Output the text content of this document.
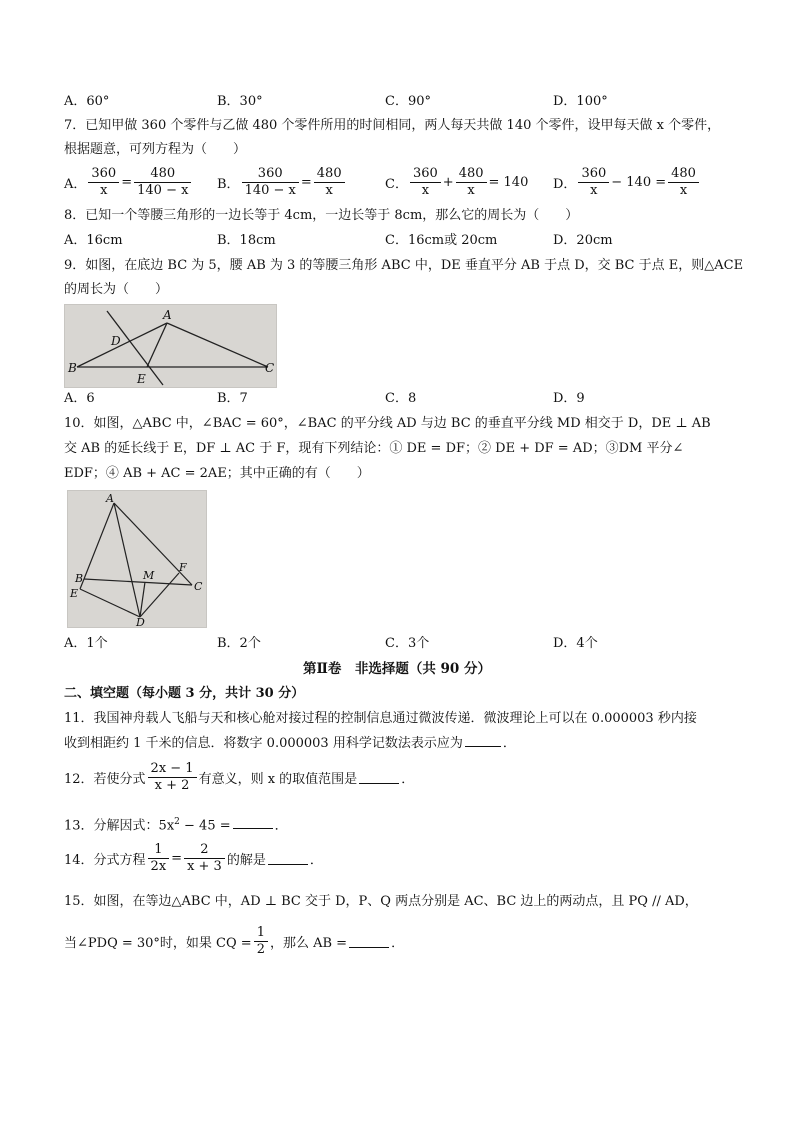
A．60°	B．30°	C．90°	D．100°
7．已知甲做 360 个零件与乙做 480 个零件所用的时间相同，两人每天共做 140 个零件，设甲每天做 x 个零件，
根据题意，可列方程为（　　）
A． $\frac{360}{x} = \frac{480}{140 - x}$ B． $\frac{360}{140 - x} = \frac{480}{x}$	C． $\frac{360}{x} + \frac{480}{x} = 140$ D． $\frac{360}{x} - 140 = \frac{480}{x}$
8．已知一个等腰三角形的一边长等于 4cm，一边长等于 8cm，那么它的周长为（　　）
A．16cm	B．18cm	C．16cm或 20cm	D．20cm
9．如图，在底边 BC 为 5，腰 AB 为 3 的等腰三角形 ABC 中，DE 垂直平分 AB 于点 D，交 BC 于点 E，则△ACE
的周长为（　　）
A
B	C
D
E
A．6	B．7	C．8	D．9
10．如图，△ABC 中，∠BAC = 60°，∠BAC 的平分线 AD 与边 BC 的垂直平分线 MD 相交于 D，DE ⊥ AB
交 AB 的延长线于 E，DF ⊥ AC 于 F，现有下列结论：① DE = DF；② DE + DF = AD；③DM 平分∠
EDF；④ AB + AC = 2AE；其中正确的有（　　）
A
B
C
D
E
F
M
A．1个	B．2个	C．3个	D．4个
第Ⅱ卷　非选择题（共 90 分）
二、填空题（每小题 3 分，共计 30 分）
11．我国神舟载人飞船与天和核心舱对接过程的控制信息通过微波传递．微波理论上可以在 0.000003 秒内接
收到相距约 1 千米的信息．将数字 0.000003 用科学记数法表示应为	．
12．若使分式 $\frac{2x - 1}{x + 2}$ 有意义，则 x 的取值范围是	．
13．分解因式：$5x^2 - 45$ =	．
14．分式方程 $\frac{1}{2x} = \frac{2}{x + 3}$ 的解是	．
15．如图，在等边△ABC 中，AD ⊥ BC 交于 D，P、Q 两点分别是 AC、BC 边上的两动点，且 PQ // AD，
当∠PDQ = 30°时，如果 CQ = $\frac{1}{2}$ ，那么 AB =	．
